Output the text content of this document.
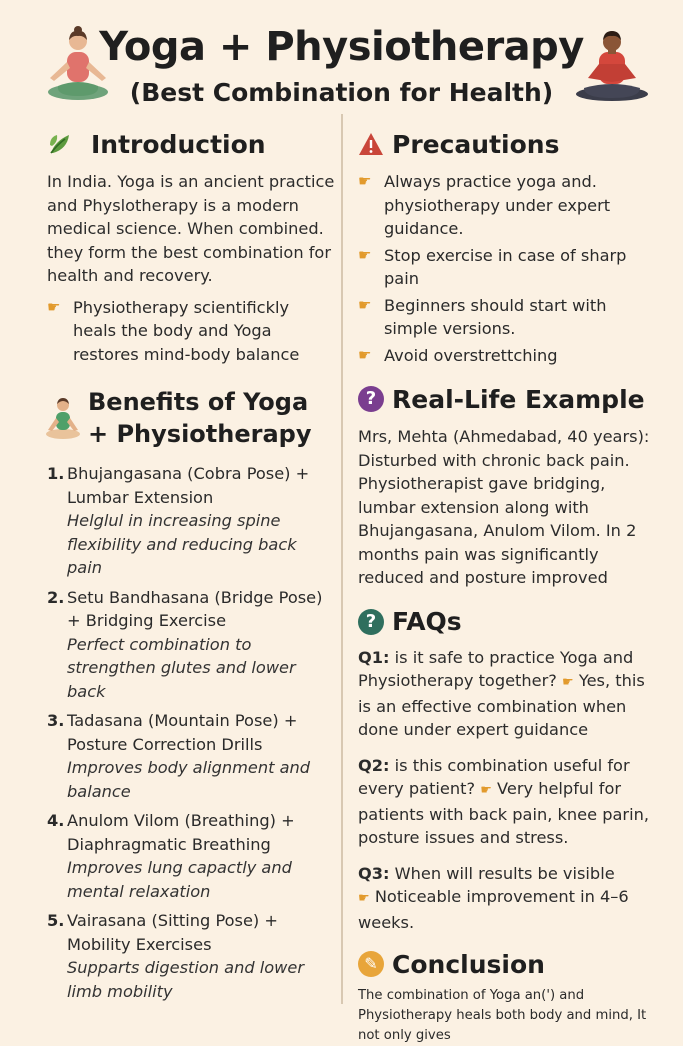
Yoga + Physiotherapy
(Best Combination for Health)
Introduction

In India. Yoga is an ancient practice and Physlotherapy is a modern medical science. When combined. they form the best combination for health and recovery.

☛ Physiotherapy scientifickly heals the body and Yoga restores mind-body balance
Benefits of Yoga
+ Physiotherapy
1. Bhujangasana (Cobra Pose) + Lumbar Extension
Helglul in increasing spine flexibility and reducing back pain
2. Setu Bandhasana (Bridge Pose) + Bridging Exercise
Perfect combination to strengthen glutes and lower back
3. Tadasana (Mountain Pose) + Posture Correction Drills
Improves body alignment and balance
4. Anulom Vilom (Breathing) + Diaphragmatic Breathing
Improves lung capactly and mental relaxation
5. Vairasana (Sitting Pose) + Mobility Exercises
Supparts digestion and lower limb mobility
Precautions
☛ Always practice yoga and. physiotherapy under expert guidance.
☛ Stop exercise in case of sharp pain
☛ Beginners should start with simple versions.
☛ Avoid overstrettching
? Real-Life Example

Mrs, Mehta (Ahmedabad, 40 years): Disturbed with chronic back pain. Physiotherapist gave bridging, lumbar extension along with Bhujangasana, Anulom Vilom. In 2 months pain was significantly reduced and posture improved

? FAQs
Q1: is it safe to practice Yoga and Physiotherapy together? ☛ Yes, this is an effective combination when done under expert guidance
Q2: is this combination useful for every patient? ☛ Very helpful for patients with back pain, knee parin, posture issues and stress.
Q3: When will results be visible
☛ Noticeable improvement in 4–6 weeks.
✎ Conclusion

The combination of Yoga an(') and Physiotherapy heals both body and mind, It not only gives
